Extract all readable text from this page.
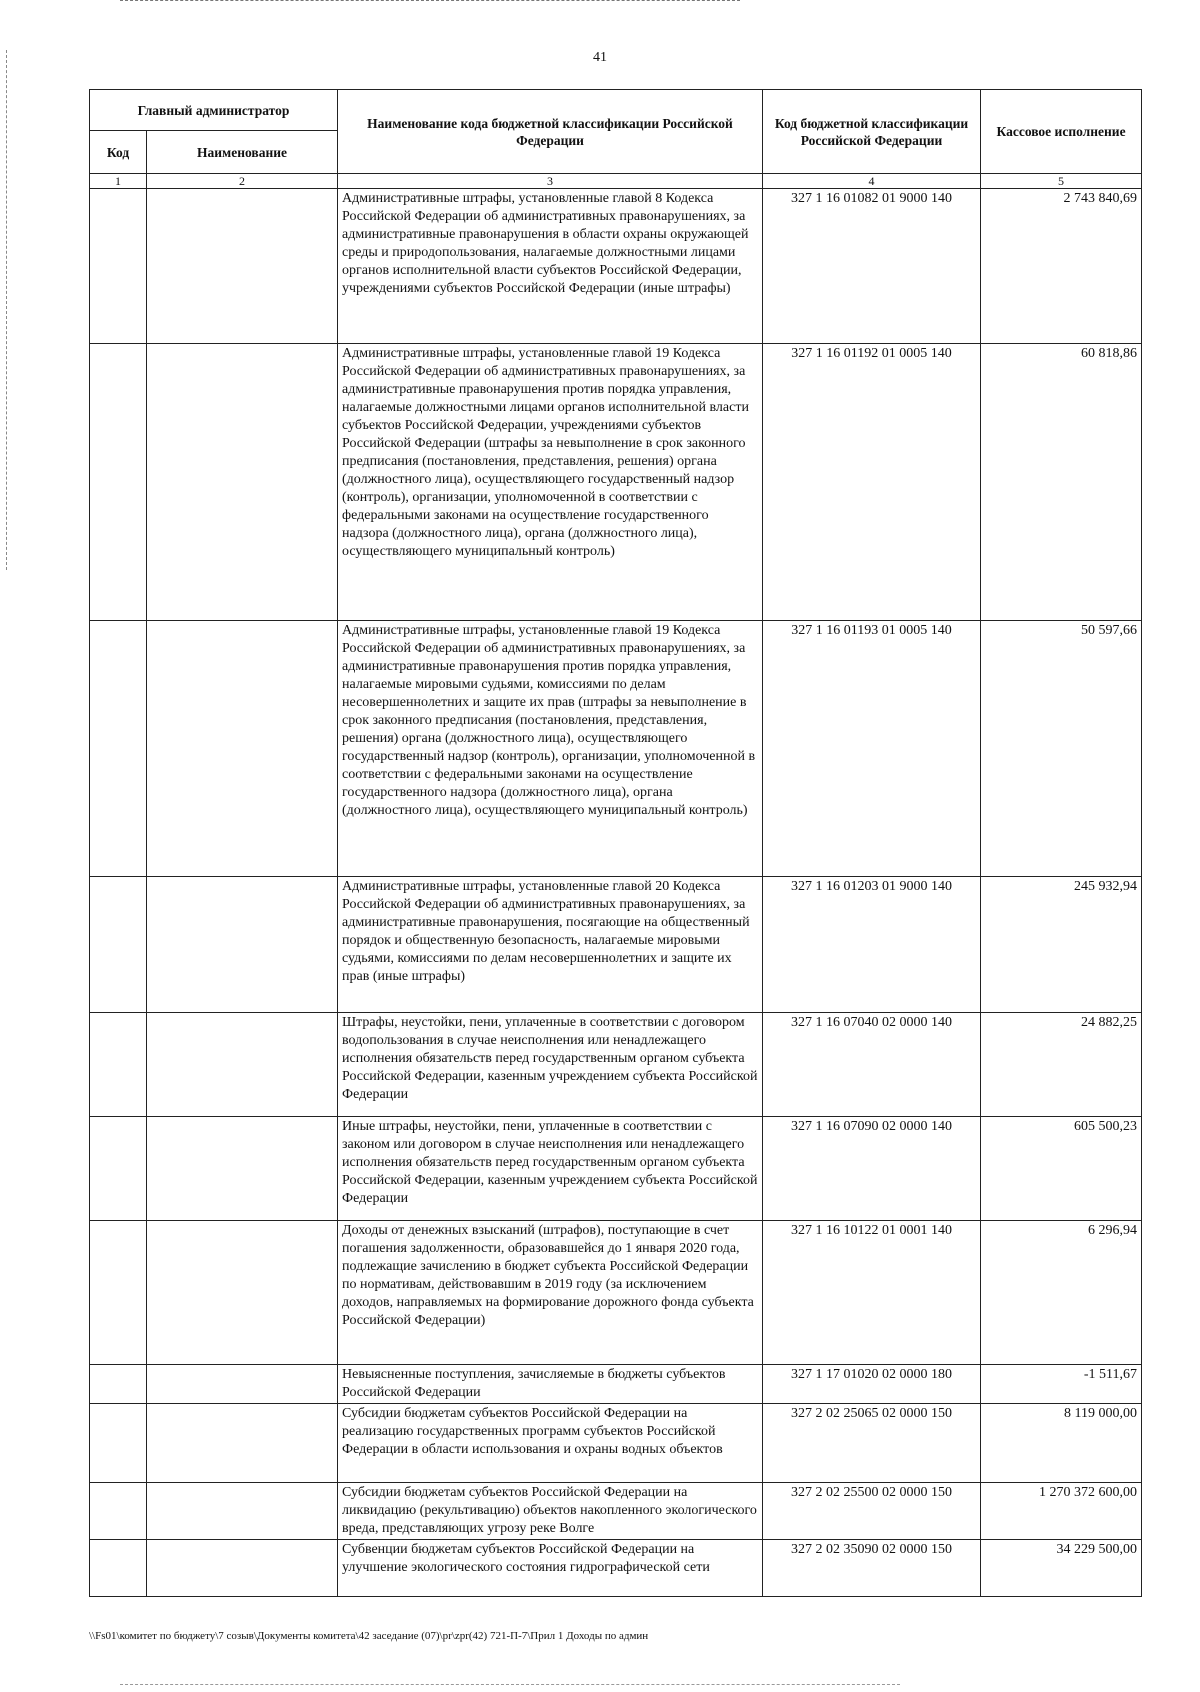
41
Главный администратор		Наименование кода бюджетной классификации Российской Федерации	Код бюджетной классификации Российской Федерации	Кассовое исполнение
Код	Наименование			
1	2	3	4	5
		Административные штрафы, установленные главой 8 Кодекса Российской Федерации об административных правонарушениях, за административные правонарушения в области охраны окружающей среды и природопользования, налагаемые должностными лицами органов исполнительной власти субъектов Российской Федерации, учреждениями субъектов Российской Федерации (иные штрафы)	327 1 16 01082 01 9000 140	2 743 840,69
		Административные штрафы, установленные главой 19 Кодекса Российской Федерации об административных правонарушениях, за административные правонарушения против порядка управления, налагаемые должностными лицами органов исполнительной власти субъектов Российской Федерации, учреждениями субъектов Российской Федерации (штрафы за невыполнение в срок законного предписания (постановления, представления, решения) органа (должностного лица), осуществляющего государственный надзор (контроль), организации, уполномоченной в соответствии с федеральными законами на осуществление государственного надзора (должностного лица), органа (должностного лица), осуществляющего муниципальный контроль)	327 1 16 01192 01 0005 140	60 818,86
		Административные штрафы, установленные главой 19 Кодекса Российской Федерации об административных правонарушениях, за административные правонарушения против порядка управления, налагаемые мировыми судьями, комиссиями по делам несовершеннолетних и защите их прав (штрафы за невыполнение в срок законного предписания (постановления, представления, решения) органа (должностного лица), осуществляющего государственный надзор (контроль), организации, уполномоченной в соответствии с федеральными законами на осуществление государственного надзора (должностного лица), органа (должностного лица), осуществляющего муниципальный контроль)	327 1 16 01193 01 0005 140	50 597,66
		Административные штрафы, установленные главой 20 Кодекса Российской Федерации об административных правонарушениях, за административные правонарушения, посягающие на общественный порядок и общественную безопасность, налагаемые мировыми судьями, комиссиями по делам несовершеннолетних и защите их прав (иные штрафы)	327 1 16 01203 01 9000 140	245 932,94
		Штрафы, неустойки, пени, уплаченные в соответствии с договором водопользования в случае неисполнения или ненадлежащего исполнения обязательств перед государственным органом субъекта Российской Федерации, казенным учреждением субъекта Российской Федерации	327 1 16 07040 02 0000 140	24 882,25
		Иные штрафы, неустойки, пени, уплаченные в соответствии с законом или договором в случае неисполнения или ненадлежащего исполнения обязательств перед государственным органом субъекта Российской Федерации, казенным учреждением субъекта Российской Федерации	327 1 16 07090 02 0000 140	605 500,23
		Доходы от денежных взысканий (штрафов), поступающие в счет погашения задолженности, образовавшейся до 1 января 2020 года, подлежащие зачислению в бюджет субъекта Российской Федерации по нормативам, действовавшим в 2019 году (за исключением доходов, направляемых на формирование дорожного фонда субъекта Российской Федерации)	327 1 16 10122 01 0001 140	6 296,94
		Невыясненные поступления, зачисляемые в бюджеты субъектов Российской Федерации	327 1 17 01020 02 0000 180	-1 511,67
		Субсидии бюджетам субъектов Российской Федерации на реализацию государственных программ субъектов Российской Федерации в области использования и охраны водных объектов	327 2 02 25065 02 0000 150	8 119 000,00
		Субсидии бюджетам субъектов Российской Федерации на ликвидацию (рекультивацию) объектов накопленного экологического вреда, представляющих угрозу реке Волге	327 2 02 25500 02 0000 150	1 270 372 600,00
		Субвенции бюджетам субъектов Российской Федерации на улучшение экологического состояния гидрографической сети	327 2 02 35090 02 0000 150	34 229 500,00
\\Fs01\комитет по бюджету\7 созыв\Документы комитета\42 заседание (07)\pr\zpr(42) 721-П-7\Прил 1 Доходы по админ
